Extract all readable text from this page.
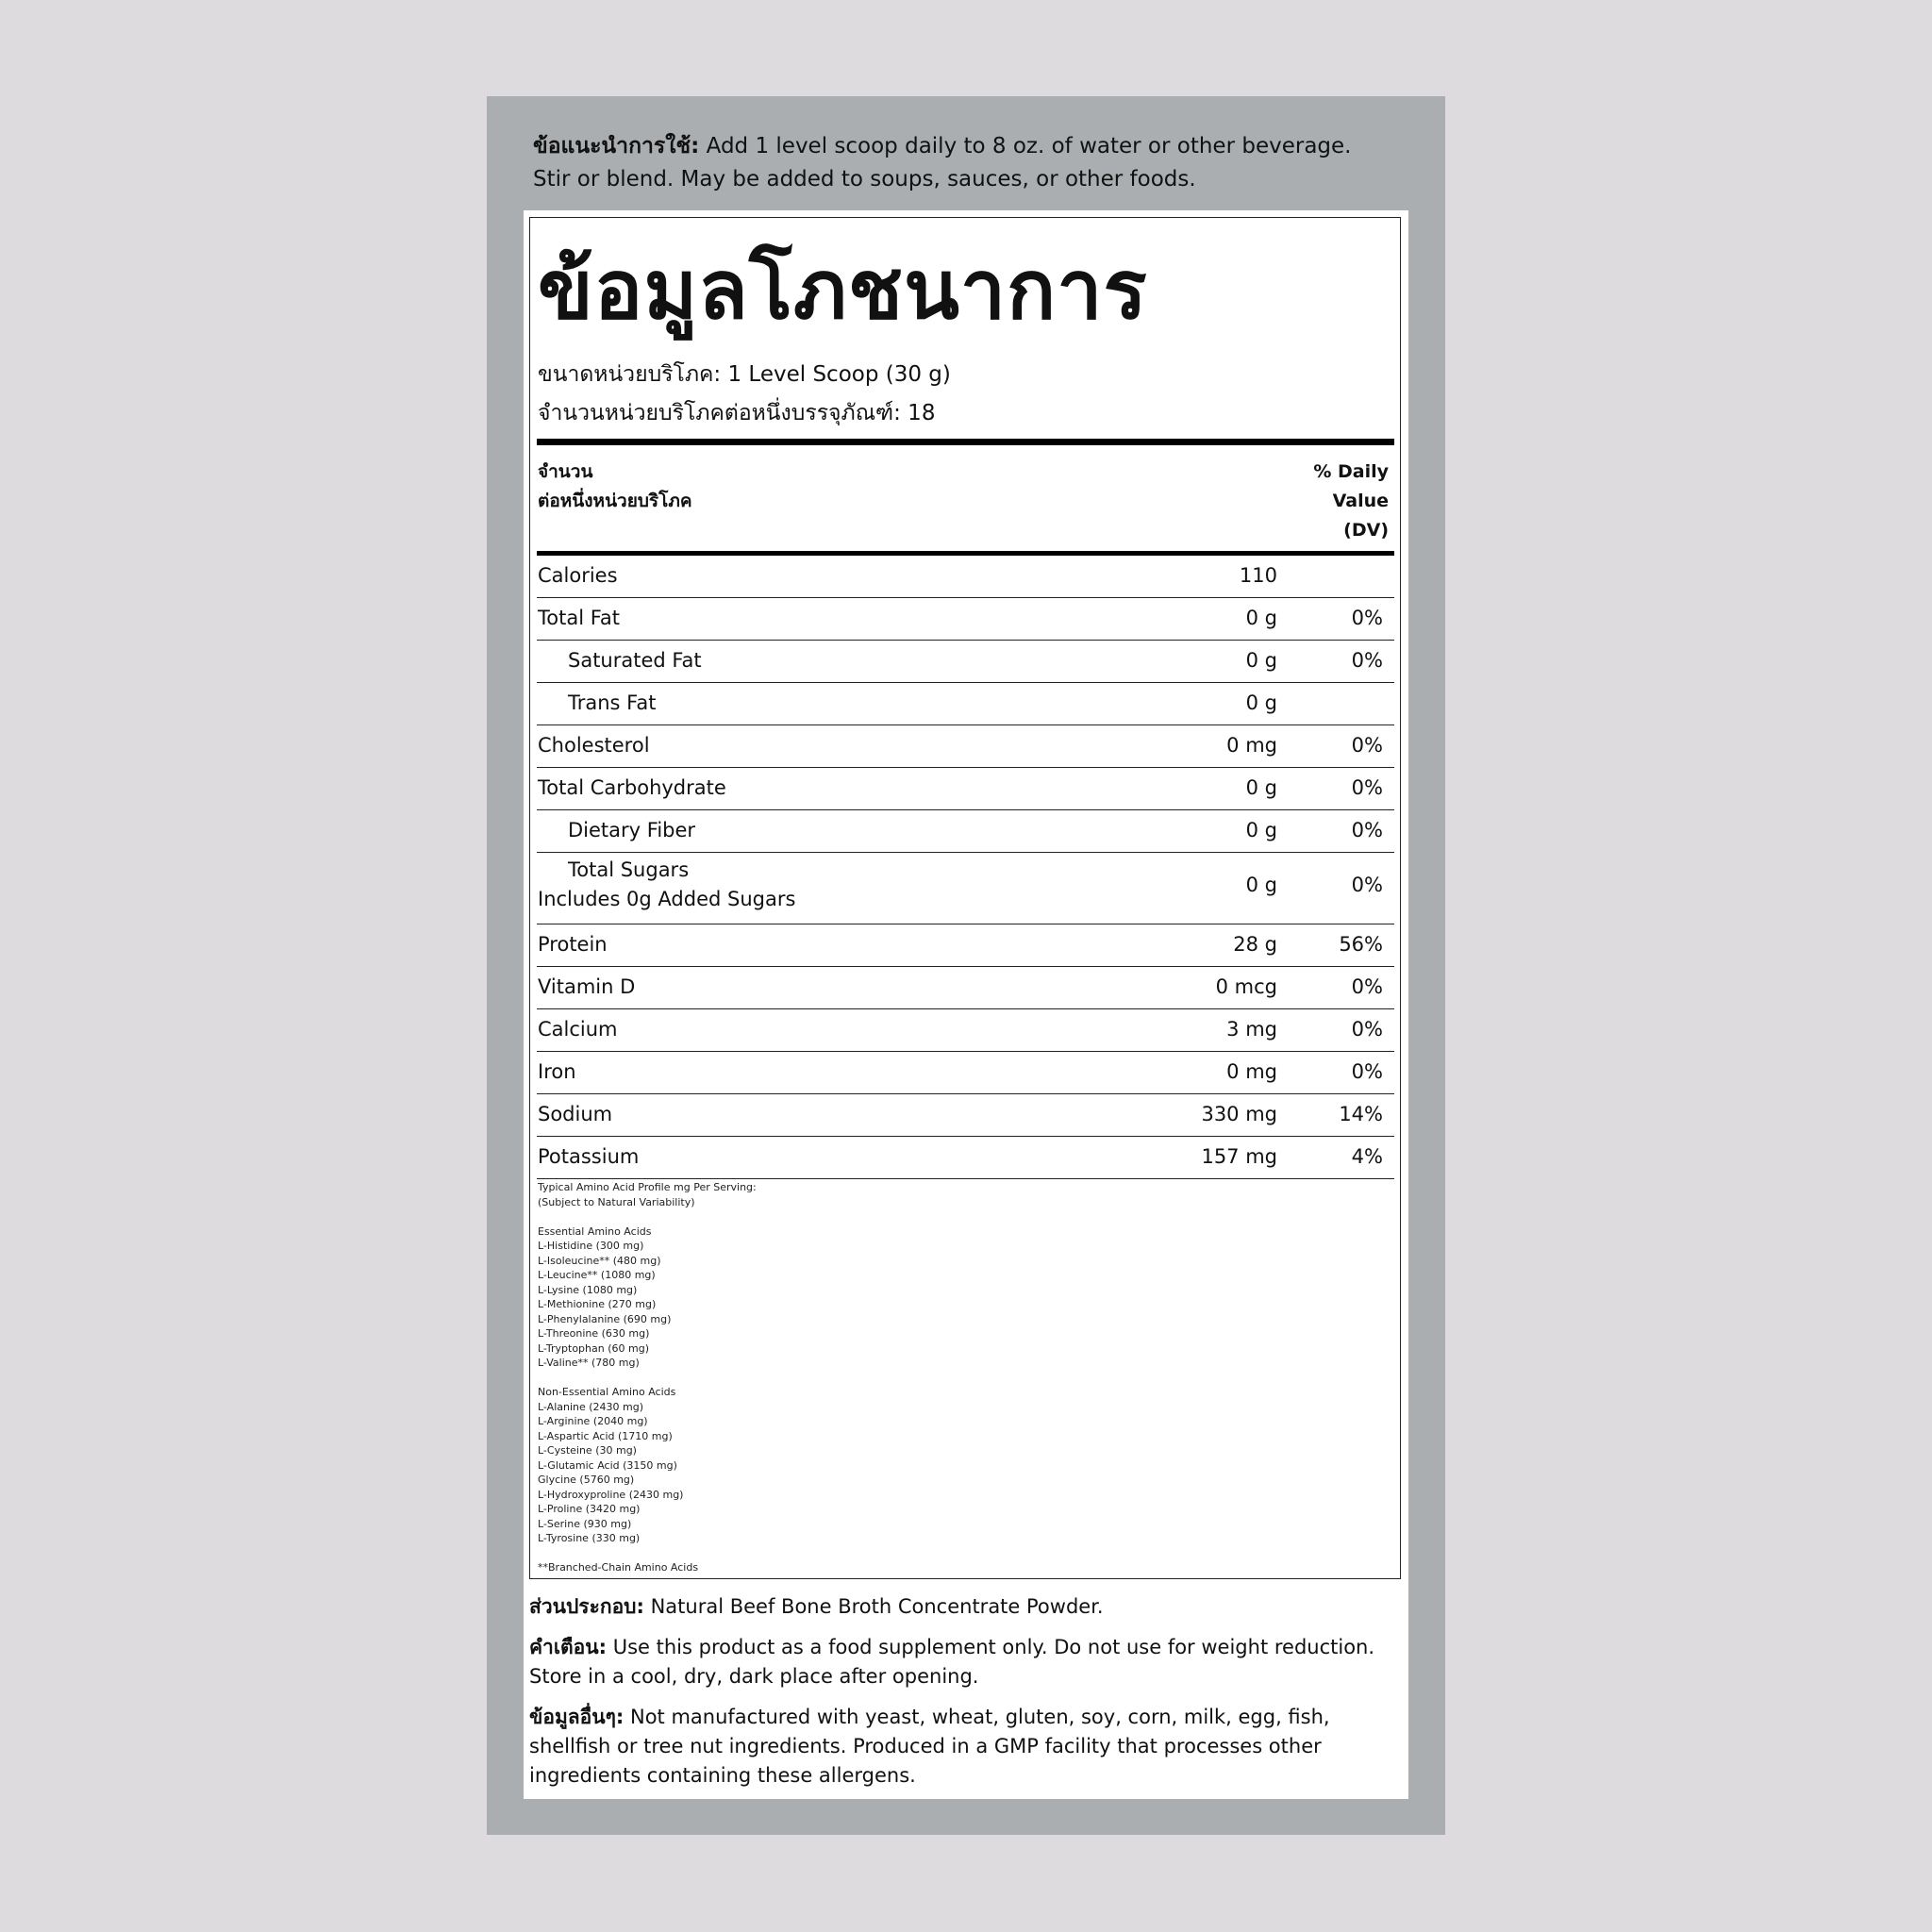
ข้อแนะนำการใช้: Add 1 level scoop daily to 8 oz. of water or other beverage. Stir or blend. May be added to soups, sauces, or other foods.
ข้อมูลโภชนาการ
ขนาดหน่วยบริโภค: 1 Level Scoop (30 g)
จำนวนหน่วยบริโภคต่อหนึ่งบรรจุภัณฑ์: 18
จำนวน
ต่อหนึ่งหน่วยบริโภค
% Daily
Value
(DV)
Calories	110
Total Fat	0 g	0%
Saturated Fat	0 g	0%
Trans Fat	0 g
Cholesterol	0 mg	0%
Total Carbohydrate	0 g	0%
Dietary Fiber	0 g	0%
Total Sugars
Includes 0g Added Sugars
0 g	0%
Protein	28 g	56%
Vitamin D	0 mcg	0%
Calcium	3 mg	0%
Iron	0 mg	0%
Sodium	330 mg	14%
Potassium	157 mg	4%
Typical Amino Acid Profile mg Per Serving:
(Subject to Natural Variability)
Essential Amino Acids
L-Histidine (300 mg)
L-Isoleucine** (480 mg)
L-Leucine** (1080 mg)
L-Lysine (1080 mg)
L-Methionine (270 mg)
L-Phenylalanine (690 mg)
L-Threonine (630 mg)
L-Tryptophan (60 mg)
L-Valine** (780 mg)
Non-Essential Amino Acids
L-Alanine (2430 mg)
L-Arginine (2040 mg)
L-Aspartic Acid (1710 mg)
L-Cysteine (30 mg)
L-Glutamic Acid (3150 mg)
Glycine (5760 mg)
L-Hydroxyproline (2430 mg)
L-Proline (3420 mg)
L-Serine (930 mg)
L-Tyrosine (330 mg)
**Branched-Chain Amino Acids
ส่วนประกอบ: Natural Beef Bone Broth Concentrate Powder.
คำเตือน: Use this product as a food supplement only. Do not use for weight reduction. Store in a cool, dry, dark place after opening.
ข้อมูลอื่นๆ: Not manufactured with yeast, wheat, gluten, soy, corn, milk, egg, fish, shellfish or tree nut ingredients. Produced in a GMP facility that processes other ingredients containing these allergens.
